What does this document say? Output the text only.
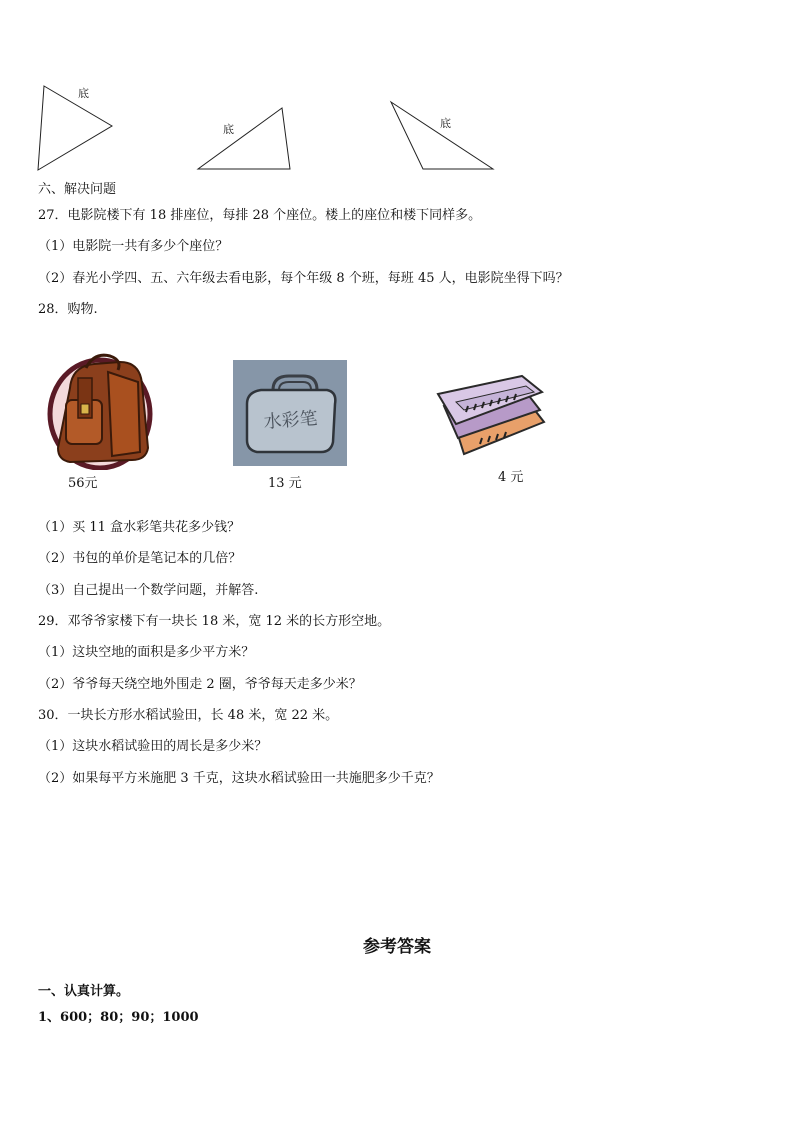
底
底	底
六、解决问题
27．电影院楼下有 18 排座位，每排 28 个座位。楼上的座位和楼下同样多。
（1）电影院一共有多少个座位？
（2）春光小学四、五、六年级去看电影，每个年级 8 个班，每班 45 人，电影院坐得下吗？
28．购物.
56元
水彩笔
13 元	4 元
（1）买 11 盒水彩笔共花多少钱？
（2）书包的单价是笔记本的几倍？
（3）自己提出一个数学问题，并解答.
29．邓爷爷家楼下有一块长 18 米，宽 12 米的长方形空地。
（1）这块空地的面积是多少平方米？
（2）爷爷每天绕空地外围走 2 圈，爷爷每天走多少米？
30．一块长方形水稻试验田，长 48 米，宽 22 米。
（1）这块水稻试验田的周长是多少米？
（2）如果每平方米施肥 3 千克，这块水稻试验田一共施肥多少千克？
参考答案
一、认真计算。
1、600；80；90；1000
